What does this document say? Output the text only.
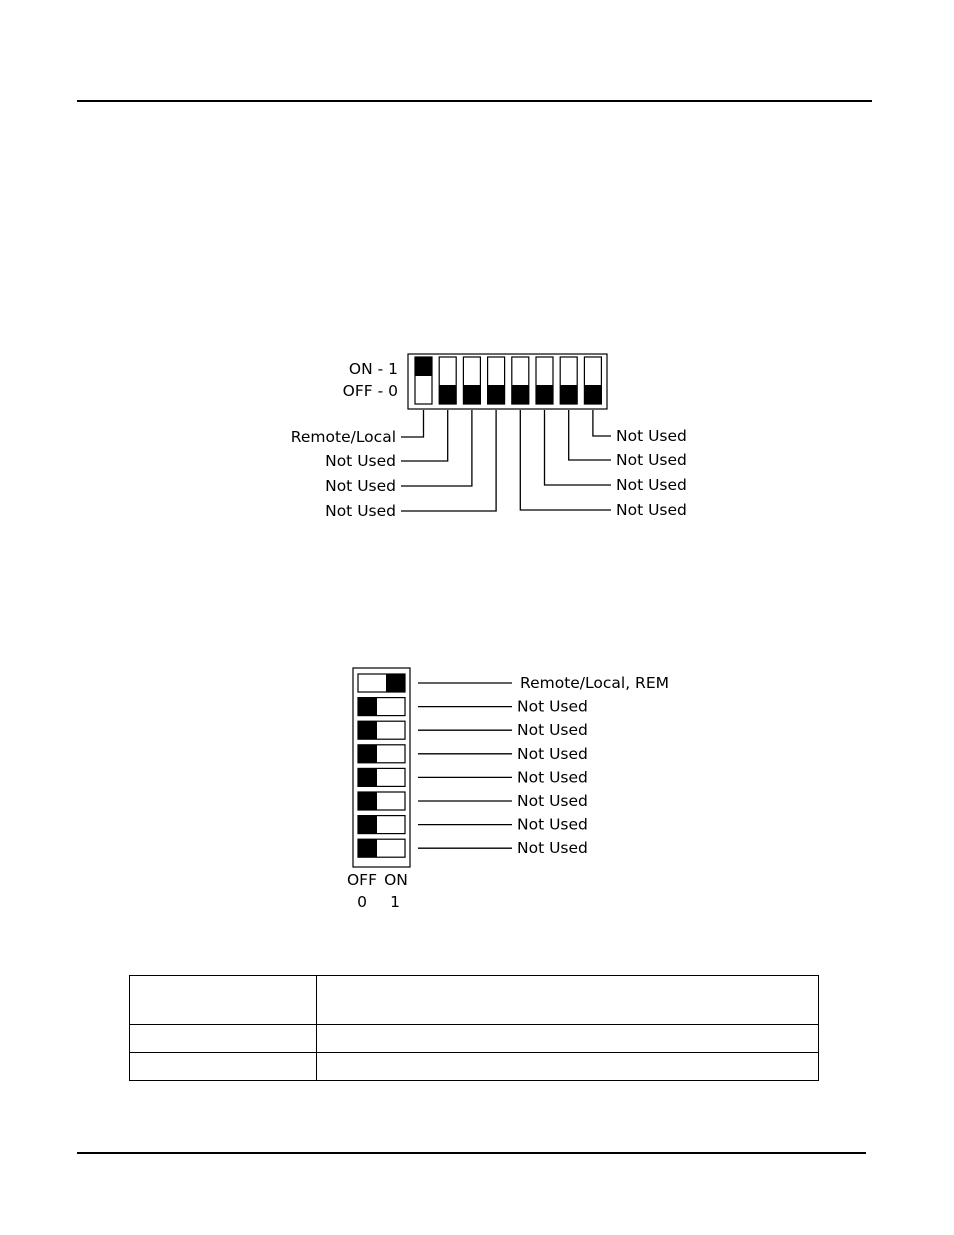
ON - 1
OFF - 0
Remote/Local
Not Used
Not Used
Not Used
Not Used
Not Used
Not Used
Not Used
Remote/Local, REM
Not Used
Not Used
Not Used
Not Used
Not Used
Not Used
Not Used
OFF ON
0 1
